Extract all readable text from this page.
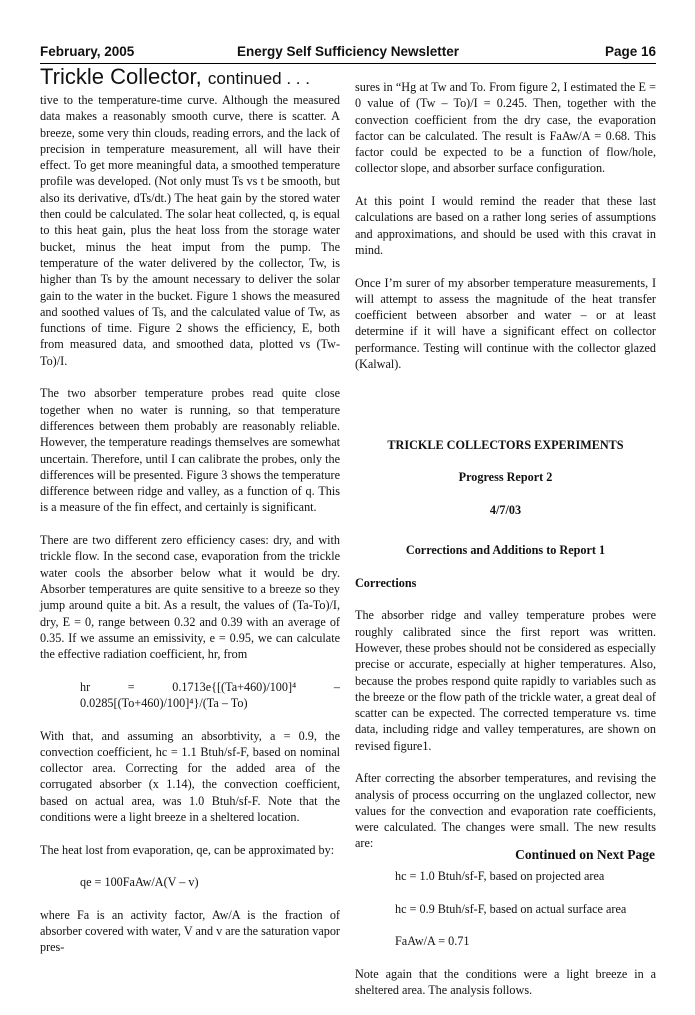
February, 2005	Energy Self Sufficiency Newsletter	Page 16
Trickle Collector, continued . . .

tive to the temperature-time curve. Although the measured data makes a reasonably smooth curve, there is scatter. A breeze, some very thin clouds, reading errors, and the lack of precision in temperature measurement, all will have their effect. To get more meaningful data, a smoothed temperature profile was developed. (Not only must Ts vs t be smooth, but also its derivative, dTs/dt.) The heat gain by the stored water then could be calculated. The solar heat collected, q, is equal to this heat gain, plus the heat loss from the storage water bucket, minus the heat imput from the pump. The temperature of the water delivered by the collector, Tw, is higher than Ts by the amount necessary to deliver the solar gain to the water in the bucket. Figure 1 shows the measured and soothed values of Ts, and the calculated value of Tw, as functions of time. Figure 2 shows the efficiency, E, both from measured data, and smoothed data, plotted vs (Tw-To)/I.

The two absorber temperature probes read quite close together when no water is running, so that temperature differences between them probably are reasonably reliable. However, the temperature readings themselves are somewhat uncertain. Therefore, until I can calibrate the probes, only the differences will be presented. Figure 3 shows the temperature difference between ridge and valley, as a function of q. This is a measure of the fin effect, and certainly is significant.

There are two different zero efficiency cases: dry, and with trickle flow. In the second case, evaporation from the trickle water cools the absorber below what it would be dry. Absorber temperatures are quite sensitive to a breeze so they jump around quite a bit. As a result, the values of (Ta-To)/I, dry, E = 0, range between 0.32 and 0.39 with an average of 0.35. If we assume an emissivity, e = 0.95, we can calculate the effective radiation coefficient, hr, from

hr = 0.1713e{[(Ta+460)/100]⁴ – 0.0285[(To+460)/100]⁴}/(Ta – To)

With that, and assuming an absorbtivity, a = 0.9, the convection coefficient, hc = 1.1 Btuh/sf-F, based on nominal collector area. Correcting for the added area of the corrugated absorber (x 1.14), the convection coefficient, based on actual area, was 1.0 Btuh/sf-F. Note that the conditions were a light breeze in a sheltered location.

The heat lost from evaporation, qe, can be approximated by:

qe = 100FaAw/A(V – v)

where Fa is an activity factor, Aw/A is the fraction of absorber covered with water, V and v are the saturation vapor pres-

sures in “Hg at Tw and To. From figure 2, I estimated the E = 0 value of (Tw – To)/I = 0.245. Then, together with the convection coefficient from the dry case, the evaporation factor can be calculated. The result is FaAw/A = 0.68. This factor could be expected to be a function of flow/hole, collector slope, and absorber surface configuration.

At this point I would remind the reader that these last calculations are based on a rather long series of assumptions and approximations, and should be used with this cravat in mind.

Once I’m surer of my absorber temperature measurements, I will attempt to assess the magnitude of the heat transfer coefficient between absorber and water – or at least determine if it will have a significant effect on collector performance. Testing will continue with the collector glazed (Kalwal).

TRICKLE COLLECTORS EXPERIMENTS

Progress Report 2

4/7/03

Corrections and Additions to Report 1

Corrections

The absorber ridge and valley temperature probes were roughly calibrated since the first report was written. However, these probes should not be considered as especially precise or accurate, especially at higher temperatures. Also, because the probes respond quite rapidly to variables such as the breeze or the flow path of the trickle water, a great deal of scatter can be expected. The corrected temperature vs. time data, including ridge and valley temperatures, are shown on revised figure1.

After correcting the absorber temperatures, and revising the analysis of process occurring on the unglazed collector, new values for the convection and evaporation rate coefficients, were calculated. The changes were small. The new results are:

hc = 1.0 Btuh/sf-F, based on projected area

hc = 0.9 Btuh/sf-F, based on actual surface area

FaAw/A = 0.71

Note again that the conditions were a light breeze in a sheltered area. The analysis follows.

Continued on Next Page
